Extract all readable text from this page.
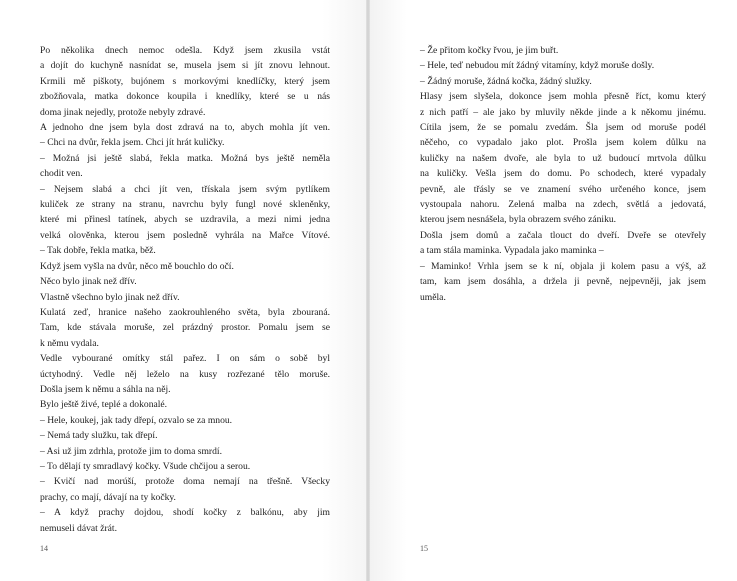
Po několika dnech nemoc odešla. Když jsem zkusila vstát
a dojít do kuchyně nasnídat se, musela jsem si jít znovu lehnout.
Krmili mě piškoty, bujónem s morkovými knedlíčky, který jsem
zbožňovala, matka dokonce koupila i knedlíky, které se u nás
doma jinak nejedly, protože nebyly zdravé.
A jednoho dne jsem byla dost zdravá na to, abych mohla jít ven.
– Chci na dvůr, řekla jsem. Chci jít hrát kuličky.
– Možná jsi ještě slabá, řekla matka. Možná bys ještě neměla
chodit ven.
– Nejsem slabá a chci jít ven, třískala jsem svým pytlíkem
kuliček ze strany na stranu, navrchu byly fungl nové skleněnky,
které mi přinesl tatínek, abych se uzdravila, a mezi nimi jedna
velká olověnka, kterou jsem posledně vyhrála na Mařce Vítové.
– Tak dobře, řekla matka, běž.
Když jsem vyšla na dvůr, něco mě bouchlo do očí.
Něco bylo jinak než dřív.
Vlastně všechno bylo jinak než dřív.
Kulatá zeď, hranice našeho zaokrouhleného světa, byla zbouraná.
Tam, kde stávala moruše, zel prázdný prostor. Pomalu jsem se
k němu vydala.
Vedle vybourané omítky stál pařez. I on sám o sobě byl
úctyhodný. Vedle něj leželo na kusy rozřezané tělo moruše.
Došla jsem k němu a sáhla na něj.
Bylo ještě živé, teplé a dokonalé.
– Hele, koukej, jak tady dřepí, ozvalo se za mnou.
– Nemá tady služku, tak dřepí.
– Asi už jim zdrhla, protože jim to doma smrdí.
– To dělají ty smradlavý kočky. Všude chčijou a serou.
– Kvičí nad morúší, protože doma nemají na třešně. Všecky
prachy, co mají, dávají na ty kočky.
– A když prachy dojdou, shodí kočky z balkónu, aby jim
nemuseli dávat žrát.
14
– Že přitom kočky řvou, je jim buřt.
– Hele, teď nebudou mít žádný vitamíny, když moruše došly.
– Žádný moruše, žádná kočka, žádný služky.
Hlasy jsem slyšela, dokonce jsem mohla přesně říct, komu který
z nich patří – ale jako by mluvily někde jinde a k někomu jinému.
Cítila jsem, že se pomalu zvedám. Šla jsem od moruše podél
něčeho, co vypadalo jako plot. Prošla jsem kolem důlku na
kuličky na našem dvoře, ale byla to už budoucí mrtvola důlku
na kuličky. Vešla jsem do domu. Po schodech, které vypadaly
pevně, ale třásly se ve znamení svého určeného konce, jsem
vystoupala nahoru. Zelená malba na zdech, světlá a jedovatá,
kterou jsem nesnášela, byla obrazem svého zániku.
Došla jsem domů a začala tlouct do dveří. Dveře se otevřely
a tam stála maminka. Vypadala jako maminka –
– Maminko! Vrhla jsem se k ní, objala ji kolem pasu a výš, až
tam, kam jsem dosáhla, a držela ji pevně, nejpevněji, jak jsem
uměla.
15
